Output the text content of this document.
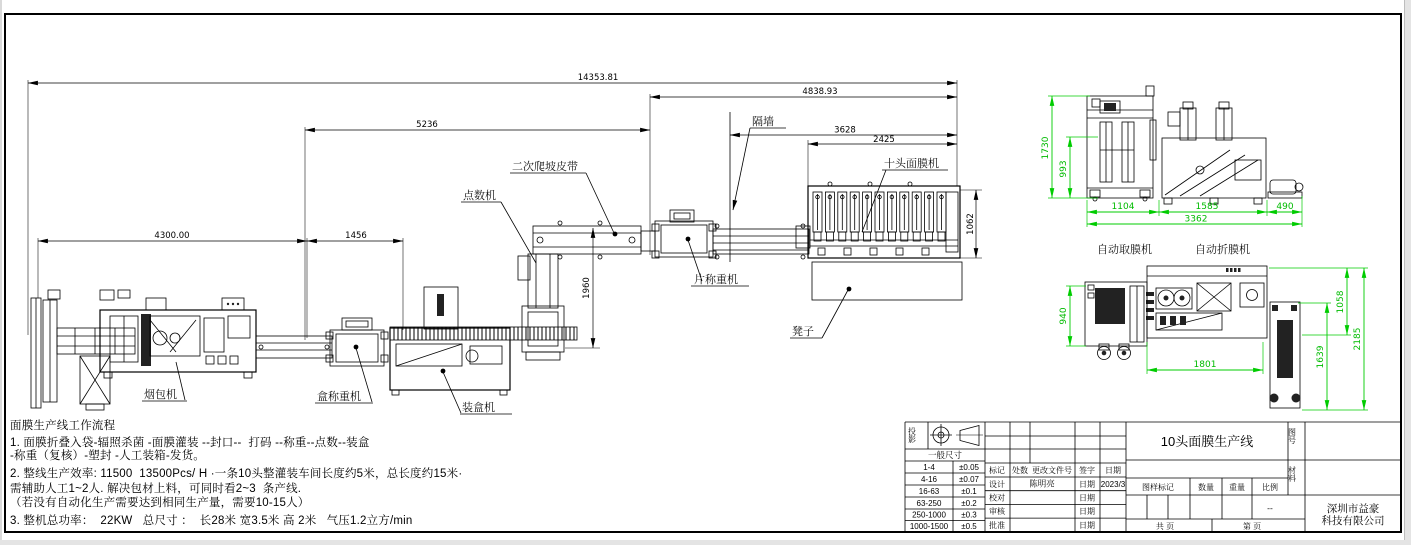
14353.81
4838.93
5236
3628
2425
4300.00	1456
1960
1062
烟包机	盒称重机
装盒机
点数机
二次爬坡皮带
片称重机
隔墙
十头面膜机
凳子
1730
993
1104	1585	490
3362
自动取膜机	自动折膜机
940
1801
1058
1639
2185
投影
一般尺寸
1-4	±0.05
4-16	±0.07
16-63	±0.1
63-250 ±0.2
250-1000 ±0.3
1000-1500 ±0.5
标记 处数 更改文件号 签字 日期
设计	陈明亮	日期 2023/3
校对	日期
审核	日期
批准	日期
10头面膜生产线	图号
材料
图样标记	数量 重量 比例
--
共 页	第 页
深圳市益豪
科技有限公司

面膜生产线工作流程

1. 面膜折叠入袋-辐照杀菌 -面膜灌装 --封口--  打码 --称重--点数--装盒

-称重（复核）-塑封 -人工装箱-发货。

2. 整线生产效率: 11500  13500Pcs/ H ·一条10头整灌装车间长度约5米，总长度约15米·

需辅助人工1~2人. 解决包材上料，可同时看2~3  条产线.

（若没有自动化生产需要达到相同生产量，需要10-15人）

3. 整机总功率：  22KW   总尺寸 ：  长28米 宽3.5米 高 2米   气压1.2立方/min
